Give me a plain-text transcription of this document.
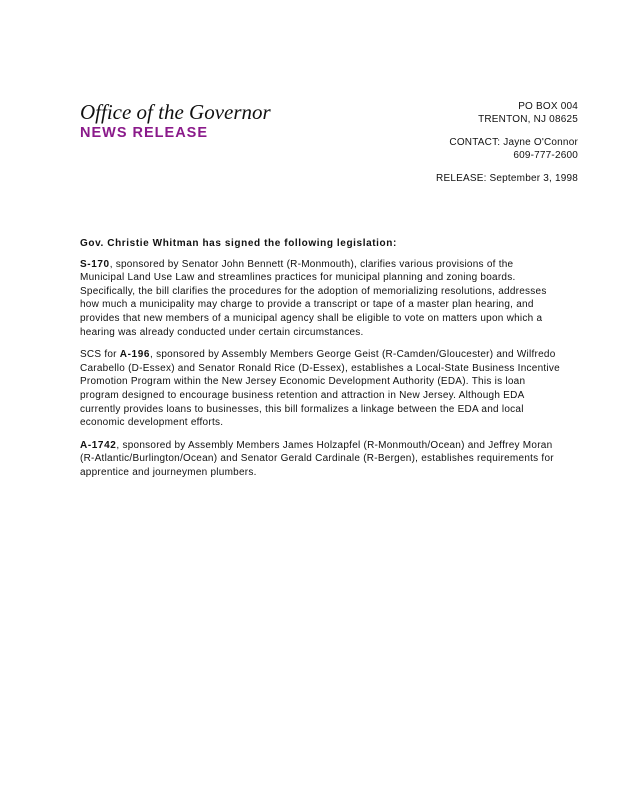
Office of the Governor
NEWS RELEASE
PO BOX 004
TRENTON, NJ 08625
CONTACT: Jayne O'Connor
609-777-2600
RELEASE: September 3, 1998

Gov. Christie Whitman has signed the following legislation:

S-170, sponsored by Senator John Bennett (R-Monmouth), clarifies various provisions of the Municipal Land Use Law and streamlines practices for municipal planning and zoning boards. Specifically, the bill clarifies the procedures for the adoption of memorializing resolutions, addresses how much a municipality may charge to provide a transcript or tape of a master plan hearing, and provides that new members of a municipal agency shall be eligible to vote on matters upon which a hearing was already conducted under certain circumstances.

SCS for A-196, sponsored by Assembly Members George Geist (R-Camden/Gloucester) and Wilfredo Carabello (D-Essex) and Senator Ronald Rice (D-Essex), establishes a Local-State Business Incentive Promotion Program within the New Jersey Economic Development Authority (EDA). This is loan program designed to encourage business retention and attraction in New Jersey. Although EDA currently provides loans to businesses, this bill formalizes a linkage between the EDA and local economic development efforts.

A-1742, sponsored by Assembly Members James Holzapfel (R-Monmouth/Ocean) and Jeffrey Moran (R-Atlantic/Burlington/Ocean) and Senator Gerald Cardinale (R-Bergen), establishes requirements for apprentice and journeymen plumbers.
